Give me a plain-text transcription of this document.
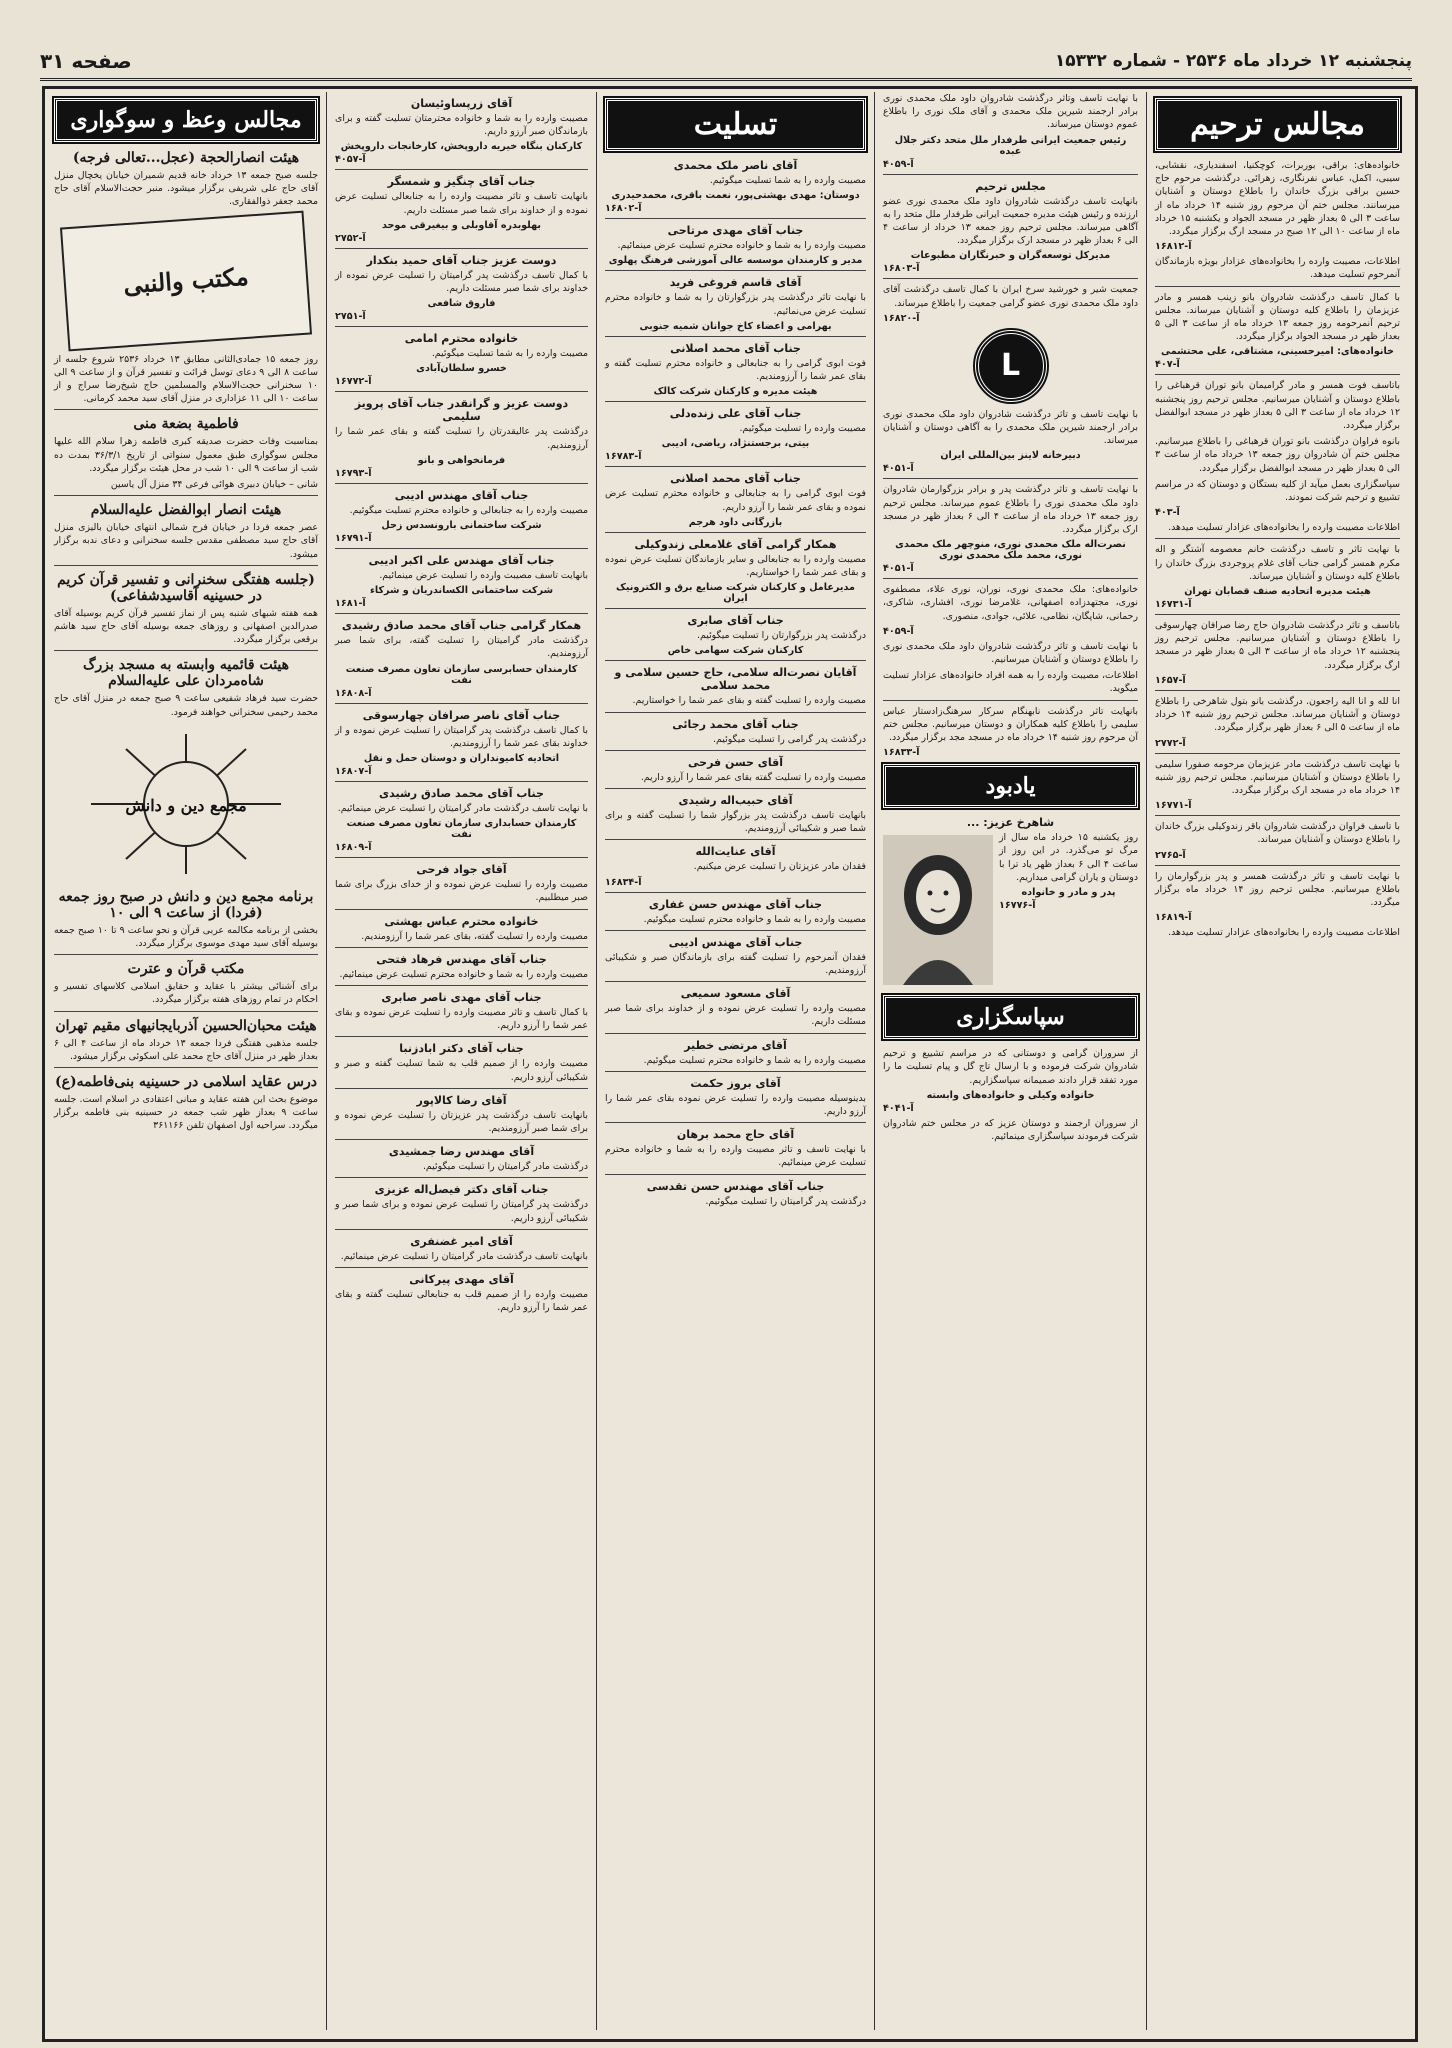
پنجشنبه ۱۲ خرداد ماه ۲۵۳۶ - شماره ۱۵۳۳۲
صفحه ۳۱
مجالس ترحیم

خانواده‌های: براقی، بوربرات، کوچکنیا، اسفندیاری، نقشابی، سیبی، اکمل، عباس نفرنگاری، زهرائی. درگذشت مرحوم حاج حسین براقی بزرگ خاندان را باطلاع دوستان و آشنایان میرسانند. مجلس ختم آن مرحوم روز شنبه ۱۴ خرداد ماه از ساعت ۳ الی ۵ بعداز ظهر در مسجد الجواد و یکشنبه ۱۵ خرداد ماه از ساعت ۱۰ الی ۱۲ صبح در مسجد ارگ برگزار میگردد.

آ-۱۶۸۱۲

اطلاعات، مصیبت وارده را بخانواده‌های عزادار بویژه بازماندگان آنمرحوم تسلیت میدهد.

با کمال تاسف درگذشت شادروان بانو زینب همسر و مادر عزیزمان را باطلاع کلیه دوستان و آشنایان میرساند. مجلس ترحیم آنمرحومه روز جمعه ۱۳ خرداد ماه از ساعت ۳ الی ۵ بعداز ظهر در مسجد الجواد برگزار میگردد.

خانواده‌های: امیرحسینی، مشتاقی، علی محتشمی

آ-۴۰۷

باتاسف فوت همسر و مادر گرامیمان بانو توران قرهباغی را باطلاع دوستان و آشنایان میرسانیم. مجلس ترحیم روز پنجشنبه ۱۲ خرداد ماه از ساعت ۳ الی ۵ بعداز ظهر در مسجد ابوالفضل برگزار میگردد.

بانوه فراوان درگذشت بانو توران قرهباغی را باطلاع میرسانیم. مجلس ختم آن شادروان روز جمعه ۱۳ خرداد ماه از ساعت ۳ الی ۵ بعداز ظهر در مسجد ابوالفضل برگزار میگردد.

سپاسگزاری بعمل میآید از کلیه بستگان و دوستان که در مراسم تشییع و ترحیم شرکت نمودند.

آ-۴۰۳

اطلاعات مصیبت وارده را بخانواده‌های عزادار تسلیت میدهد.

با نهایت تاثر و تاسف درگذشت خانم معصومه آشتگر و اله مکرم همسر گرامی جناب آقای غلام پروجردی بزرگ خاندان را باطلاع کلیه دوستان و آشنایان میرساند.

هیئت مدیره اتحادیه صنف قصابان تهران

آ-۱۶۷۳۱

باتاسف و تاثر درگذشت شادروان حاج رضا صرافان چهارسوقی را باطلاع دوستان و آشنایان میرسانیم. مجلس ترحیم روز پنجشنبه ۱۲ خرداد ماه از ساعت ۳ الی ۵ بعداز ظهر در مسجد ارگ برگزار میگردد.

آ-۱۶۵۷

انا لله و انا الیه راجعون. درگذشت بانو بتول شاهرخی را باطلاع دوستان و آشنایان میرساند. مجلس ترحیم روز شنبه ۱۴ خرداد ماه از ساعت ۵ الی ۶ بعداز ظهر برگزار میگردد.

آ-۲۷۷۲

با نهایت تاسف درگذشت مادر عزیزمان مرحومه صفورا سلیمی را باطلاع دوستان و آشنایان میرسانیم. مجلس ترحیم روز شنبه ۱۴ خرداد ماه در مسجد ارک برگزار میگردد.

آ-۱۶۷۷۱

با تاسف فراوان درگذشت شادروان باقر زندوکیلی بزرگ خاندان را باطلاع دوستان و آشنایان میرساند.

آ-۲۷۶۵

با نهایت تاسف و تاثر درگذشت همسر و پدر بزرگوارمان را باطلاع میرسانیم. مجلس ترحیم روز ۱۴ خرداد ماه برگزار میگردد.

آ-۱۶۸۱۹

اطلاعات مصیبت وارده را بخانواده‌های عزادار تسلیت میدهد.

با نهایت تاسف وتاثر درگذشت شادروان داود ملک محمدی نوری برادر ارجمند شیرین ملک محمدی و آقای ملک نوری را باطلاع عموم دوستان میرساند.

رئیس جمعیت ایرانی طرفدار ملل متحد دکتر جلال عبده

آ-۴۰۵۹

مجلس ترحیم

بانهایت تاسف درگذشت شادروان داود ملک محمدی نوری عضو ارزنده و رئیس هیئت مدیره جمعیت ایرانی طرفدار ملل متحد را به آگاهی میرساند. مجلس ترحیم روز جمعه ۱۳ خرداد از ساعت ۴ الی ۶ بعداز ظهر در مسجد ارک برگزار میگردد.

مدیرکل توسعه‌گران و خبرنگاران مطبوعات

آ-۱۶۸۰۳

جمعیت شیر و خورشید سرخ ایران با کمال تاسف درگذشت آقای داود ملک محمدی نوری عضو گرامی جمعیت را باطلاع میرساند.

آ-۱۶۸۲۰

L

با نهایت تاسف و تاثر درگذشت شادروان داود ملک محمدی نوری برادر ارجمند شیرین ملک محمدی را به آگاهی دوستان و آشنایان میرساند.

دبیرخانه لاینز بین‌المللی ایران

آ-۴۰۵۱

با نهایت تاسف و تاثر درگذشت پدر و برادر بزرگوارمان شادروان داود ملک محمدی نوری را باطلاع عموم میرساند. مجلس ترحیم روز جمعه ۱۳ خرداد ماه از ساعت ۴ الی ۶ بعداز ظهر در مسجد ارک برگزار میگردد.

نصرت‌اله ملک محمدی نوری، منوچهر ملک محمدی نوری، محمد ملک محمدی نوری

آ-۴۰۵۱

خانواده‌های: ملک محمدی نوری، نوران، نوری علاء، مصطفوی نوری، مجتهدزاده اصفهانی، غلامرضا نوری، افشاری، شاکری، رحمانی، شاپگان، نظامی، علائی، جوادی، منصوری.

آ-۴۰۵۹

با نهایت تاسف و تاثر درگذشت شادروان داود ملک محمدی نوری را باطلاع دوستان و آشنایان میرسانیم.

اطلاعات، مصیبت وارده را به همه افراد خانواده‌های عزادار تسلیت میگوید.

بانهایت تاثر درگذشت نابهنگام سرکار سرهنگ‌زادستار عباس سلیمی را باطلاع کلیه همکاران و دوستان میرسانیم. مجلس ختم آن مرحوم روز شنبه ۱۴ خرداد ماه در مسجد مجد برگزار میگردد.

آ-۱۶۸۳۳

یادبود

شاهرخ عزیز: ...

روز یکشنبه ۱۵ خرداد ماه سال از مرگ تو می‌گذرد. در این روز از ساعت ۴ الی ۶ بعداز ظهر یاد ترا با دوستان و یاران گرامی میداریم.

پدر و مادر و خانواده

آ-۱۶۷۷۶

سپاسگزاری

از سروران گرامی و دوستانی که در مراسم تشییع و ترحیم شادروان شرکت فرموده و با ارسال تاج گل و پیام تسلیت ما را مورد تفقد قرار دادند صمیمانه سپاسگزاریم.

خانواده وکیلی و خانواده‌های وابسته

آ-۴۰۴۱

از سروران ارجمند و دوستان عزیز که در مجلس ختم شادروان شرکت فرمودند سپاسگزاری مینمائیم.

تسلیت

آقای ناصر ملک محمدی

مصیبت وارده را به شما تسلیت میگوئیم.

دوستان: مهدی بهشتی‌پور، نعمت باقری، محمدحیدری

آ-۱۶۸۰۲

جناب آقای مهدی مرتاحی

مصیبت وارده را به شما و خانواده محترم تسلیت عرض مینمائیم.

مدیر و کارمندان موسسه عالی آموزشی فرهنگ پهلوی

آقای قاسم فروغی فرید

با نهایت تاثر درگذشت پدر بزرگوارتان را به شما و خانواده محترم تسلیت عرض می‌نمائیم.

بهرامی و اعضاء کاخ جوانان شمیه جنوبی

جناب آقای محمد اصلانی

فوت ابوی گرامی را به جنابعالی و خانواده محترم تسلیت گفته و بقای عمر شما را آرزومندیم.

هیئت مدیره و کارکنان شرکت کالک

جناب آقای علی زنده‌دلی

مصیبت وارده را تسلیت میگوئیم.

بیتی، برجستنژاد، ریاضی، ادیبی

آ-۱۶۷۸۳

جناب آقای محمد اصلانی

فوت ابوی گرامی را به جنابعالی و خانواده محترم تسلیت عرض نموده و بقای عمر شما را آرزو داریم.

بازرگانی داود هرجم

همکار گرامی آقای غلامعلی زندوکیلی

مصیبت وارده را به جنابعالی و سایر بازماندگان تسلیت عرض نموده و بقای عمر شما را خواستاریم.

مدیرعامل و کارکنان شرکت صنایع برق و الکترونیک ایران

جناب آقای صابری

درگذشت پدر بزرگوارتان را تسلیت میگوئیم.

کارکنان شرکت سهامی خاص

آقایان نصرت‌اله سلامی، حاج حسین سلامی و محمد سلامی

مصیبت وارده را تسلیت گفته و بقای عمر شما را خواستاریم.

جناب آقای محمد رجائی

درگذشت پدر گرامی را تسلیت میگوئیم.

آقای حسن فرحی

مصیبت وارده را تسلیت گفته بقای عمر شما را آرزو داریم.

آقای حبیب‌اله رشیدی

بانهایت تاسف درگذشت پدر بزرگوار شما را تسلیت گفته و برای شما صبر و شکیبائی آرزومندیم.

آقای عنایت‌الله

فقدان مادر عزیزتان را تسلیت عرض میکنیم.

آ-۱۶۸۳۴

جناب آقای مهندس حسن غفاری

مصیبت وارده را به شما و خانواده محترم تسلیت میگوئیم.

جناب آقای مهندس ادیبی

فقدان آنمرحوم را تسلیت گفته برای بازماندگان صبر و شکیبائی آرزومندیم.

آقای مسعود سمیعی

مصیبت وارده را تسلیت عرض نموده و از خداوند برای شما صبر مسئلت داریم.

آقای مرتضی خطیر

مصیبت وارده را به شما و خانواده محترم تسلیت میگوئیم.

آقای بروز حکمت

بدینوسیله مصیبت وارده را تسلیت عرض نموده بقای عمر شما را آرزو داریم.

آقای حاج محمد برهان

با نهایت تاسف و تاثر مصیبت وارده را به شما و خانواده محترم تسلیت عرض مینمائیم.

جناب آقای مهندس حسن تقدسی

درگذشت پدر گرامیتان را تسلیت میگوئیم.

آقای زرپساوئیسان

مصیبت وارده را به شما و خانواده محترمتان تسلیت گفته و برای بازماندگان صبر آرزو داریم.

کارکنان بنگاه خیریه داروپخش، کارخانجات داروپخش

آ-۴۰۵۷

جناب آقای چنگیز و شمسگر

بانهایت تاسف و تاثر مصیبت وارده را به جنابعالی تسلیت عرض نموده و از خداوند برای شما صبر مسئلت داریم.

بهلوبدره آقاوبلی و بیغیرقی موحد

آ-۲۷۵۲

دوست عزیز جناب آقای حمید بنکدار

با کمال تاسف درگذشت پدر گرامیتان را تسلیت عرض نموده از خداوند برای شما صبر مسئلت داریم.

فاروق شافعی

آ-۲۷۵۱

خانواده محترم امامی

مصیبت وارده را به شما تسلیت میگوئیم.

خسرو سلطان‌آبادی

آ-۱۶۷۷۲

دوست عزیز و گرانقدر جناب آقای پرویز سلیمی

درگذشت پدر عالیقدرتان را تسلیت گفته و بقای عمر شما را آرزومندیم.

فرمانخواهی و بانو

آ-۱۶۷۹۳

جناب آقای مهندس ادیبی

مصیبت وارده را به جنابعالی و خانواده محترم تسلیت میگوئیم.

شرکت ساختمانی بارونسدس زحل

آ-۱۶۷۹۱

جناب آقای مهندس علی اکبر ادیبی

بانهایت تاسف مصیبت وارده را تسلیت عرض مینمائیم.

شرکت ساختمانی الکساندریان و شرکاء

آ-۱۶۸۱

همکار گرامی جناب آقای محمد صادق رشیدی

درگذشت مادر گرامیتان را تسلیت گفته، برای شما صبر آرزومندیم.

کارمندان حسابرسی سازمان تعاون مصرف صنعت نفت

آ-۱۶۸۰۸

جناب آقای ناصر صرافان چهارسوقی

با کمال تاسف درگذشت پدر گرامیتان را تسلیت عرض نموده و از خداوند بقای عمر شما را آرزومندیم.

اتحادیه کامیونداران و دوستان حمل و نقل

آ-۱۶۸۰۷

جناب آقای محمد صادق رشیدی

با نهایت تاسف درگذشت مادر گرامیتان را تسلیت عرض مینمائیم.

کارمندان حسابداری سازمان تعاون مصرف صنعت نفت

آ-۱۶۸۰۹

آقای جواد فرحی

مصیبت وارده را تسلیت عرض نموده و از خدای بزرگ برای شما صبر میطلبیم.

خانواده محترم عباس بهشتی

مصیبت وارده را تسلیت گفته، بقای عمر شما را آرزومندیم.

جناب آقای مهندس فرهاد فتحی

مصیبت وارده را به شما و خانواده محترم تسلیت عرض مینمائیم.

جناب آقای مهدی ناصر صابری

با کمال تاسف و تاثر مصیبت وارده را تسلیت عرض نموده و بقای عمر شما را آرزو داریم.

جناب آقای دکتر ابادزنبا

مصیبت وارده را از صمیم قلب به شما تسلیت گفته و صبر و شکیبائی آرزو داریم.

آقای رضا کالاپور

بانهایت تاسف درگذشت پدر عزیزتان را تسلیت عرض نموده و برای شما صبر آرزومندیم.

آقای مهندس رضا جمشیدی

درگذشت مادر گرامیتان را تسلیت میگوئیم.

جناب آقای دکتر فیصل‌اله عزیزی

درگذشت پدر گرامیتان را تسلیت عرض نموده و برای شما صبر و شکیبائی آرزو داریم.

آقای امیر غضنفری

بانهایت تاسف درگذشت مادر گرامیتان را تسلیت عرض مینمائیم.

آقای مهدی پیرکانی

مصیبت وارده را از صمیم قلب به جنابعالی تسلیت گفته و بقای عمر شما را آرزو داریم.

مجالس وعظ و سوگواری

هیئت انصارالحجة (عجل...تعالی فرجه)

جلسه صبح جمعه ۱۳ خرداد خانه قدیم شمیران خیابان یخچال منزل آقای حاج علی شریفی برگزار میشود. منبر حجت‌الاسلام آقای حاج محمد جعفر ذوالفقاری.

مکتب والنبی

روز جمعه ۱۵ جمادی‌الثانی مطابق ۱۳ خرداد ۲۵۳۶ شروع جلسه از ساعت ۸ الی ۹ دعای توسل قرائت و تفسیر قرآن و از ساعت ۹ الی ۱۰ سخنرانی حجت‌الاسلام والمسلمین حاج شیخ‌رضا سراج و از ساعت ۱۰ الی ۱۱ عزاداری در منزل آقای سید محمد کرمانی.

فاطمیة بضعة منی

بمناسبت وفات حضرت صدیقه کبری فاطمه زهرا سلام الله علیها مجلس سوگواری طبق معمول سنواتی از تاریخ ۳۶/۳/۱ بمدت ده شب از ساعت ۹ الی ۱۰ شب در محل هیئت برگزار میگردد.

شانی – خیابان دبیری هوائی فرعی ۳۴ منزل آل یاسین

هیئت انصار ابوالفضل علیه‌السلام

عصر جمعه فردا در خیابان فرح شمالی انتهای خیابان بالیزی منزل آقای حاج سید مصطفی مقدس جلسه سخنرانی و دعای ندبه برگزار میشود.

(جلسه هفتگی سخنرانی و تفسیر قرآن کریم در حسینیه آقاسیدشفاعی)

همه هفته شبهای شنبه پس از نماز تفسیر قرآن کریم بوسیله آقای صدرالدین اصفهانی و روزهای جمعه بوسیله آقای حاج سید هاشم برقعی برگزار میگردد.

هیئت قائمیه وابسته به مسجد بزرگ شاه‌مردان علی علیه‌السلام

حضرت سید فرهاد شفیعی ساعت ۹ صبح جمعه در منزل آقای حاج محمد رحیمی سخنرانی خواهند فرمود.

مجمع دین و دانش

برنامه مجمع دین و دانش در صبح روز جمعه (فردا) از ساعت ۹ الی ۱۰

بخشی از برنامه مکالمه عربی قرآن و نحو ساعت ۹ تا ۱۰ صبح جمعه بوسیله آقای سید مهدی موسوی برگزار میگردد.

مکتب قرآن و عترت

برای آشنائی بیشتر با عقاید و حقایق اسلامی کلاسهای تفسیر و احکام در تمام روزهای هفته برگزار میگردد.

هیئت محبان‌الحسین آذربایجانیهای مقیم تهران

جلسه مذهبی هفتگی فردا جمعه ۱۳ خرداد ماه از ساعت ۴ الی ۶ بعداز ظهر در منزل آقای حاج محمد علی اسکوئی برگزار میشود.

درس عقاید اسلامی در حسینیه بنی‌فاطمه(ع)

موضوع بحث این هفته عقاید و مبانی اعتقادی در اسلام است. جلسه ساعت ۹ بعداز ظهر شب جمعه در حسینیه بنی فاطمه برگزار میگردد. سراحیه اول اصفهان تلفن ۳۶۱۱۶۶
